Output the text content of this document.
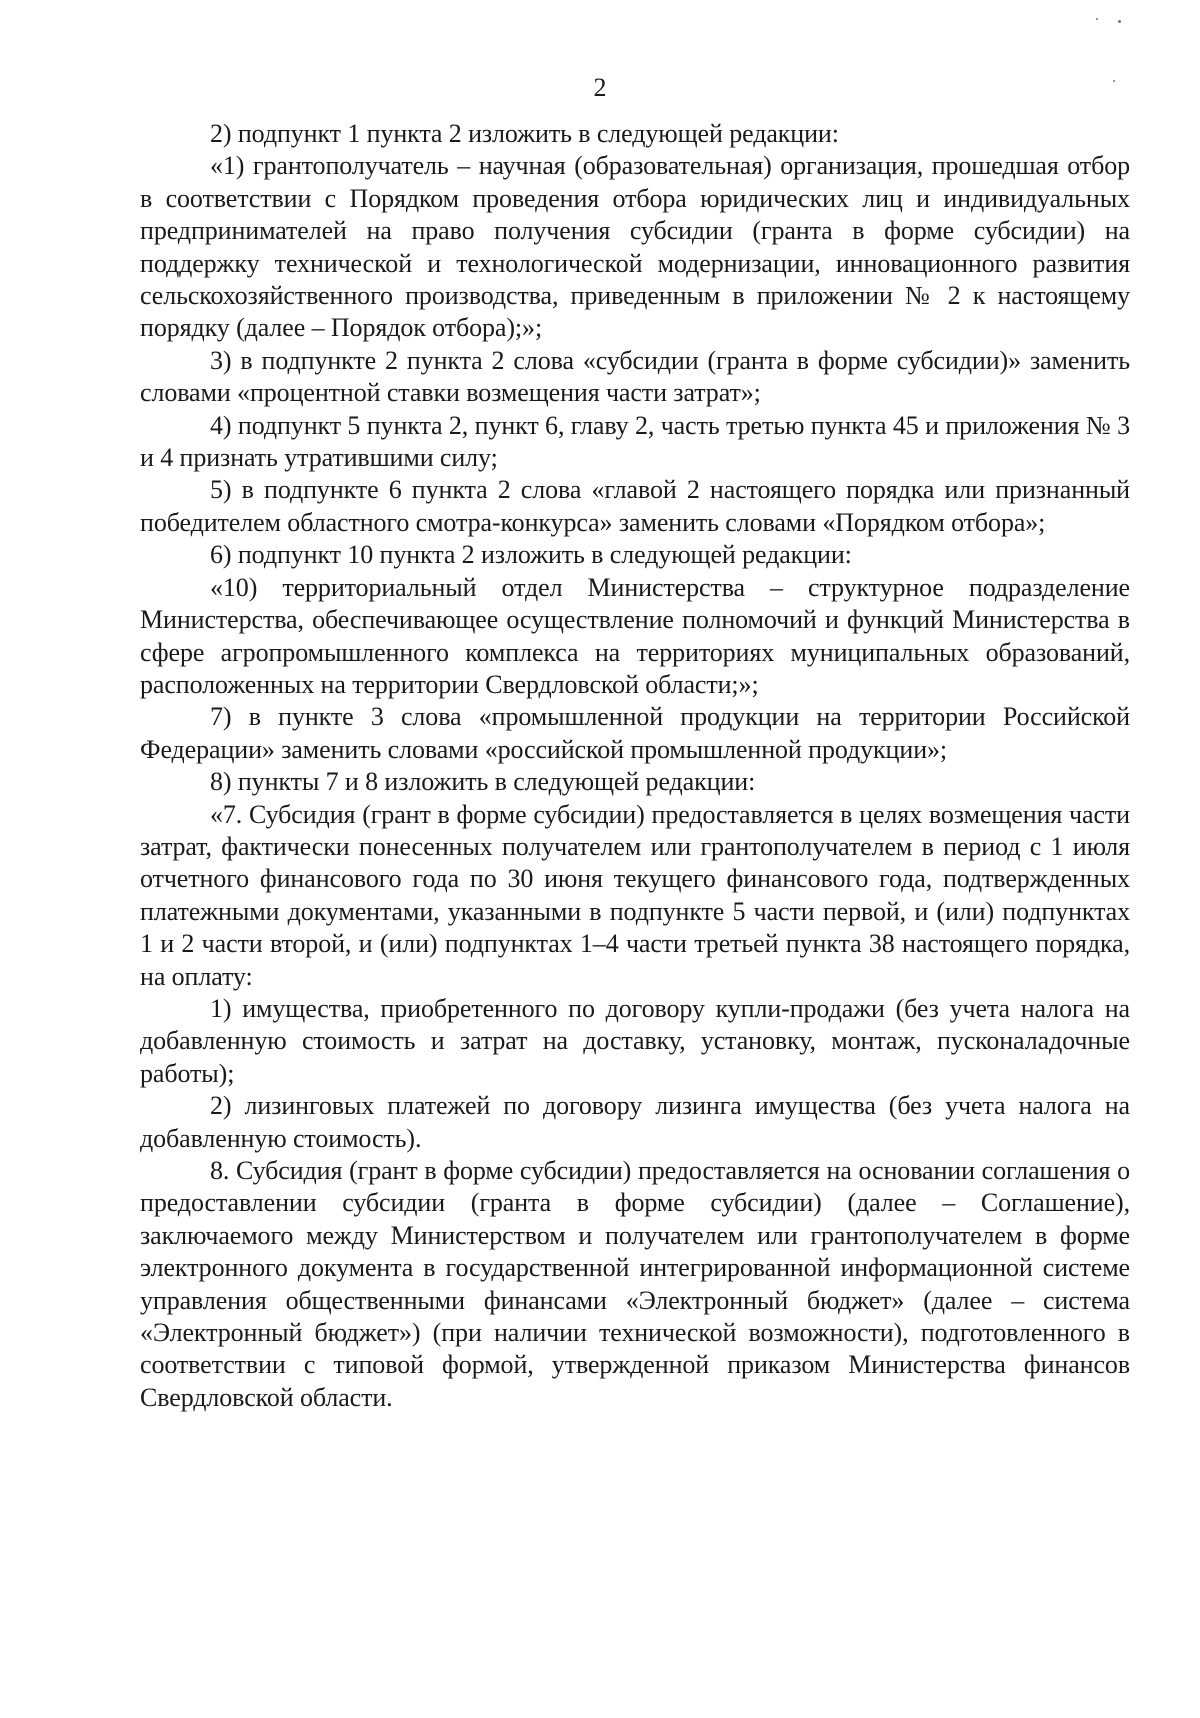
2

2) подпункт 1 пункта 2 изложить в следующей редакции:

«1) грантополучатель – научная (образовательная) организация, прошедшая отбор в соответствии с Порядком проведения отбора юридических лиц и индивидуальных предпринимателей на право получения субсидии (гранта в форме субсидии) на поддержку технической и технологической модернизации, инновационного развития сельскохозяйственного производства, приведенным в приложении № 2 к настоящему порядку (далее – Порядок отбора);»;

3) в подпункте 2 пункта 2 слова «субсидии (гранта в форме субсидии)» заменить словами «процентной ставки возмещения части затрат»;

4) подпункт 5 пункта 2, пункт 6, главу 2, часть третью пункта 45 и приложения № 3 и 4 признать утратившими силу;

5) в подпункте 6 пункта 2 слова «главой 2 настоящего порядка или признанный победителем областного смотра-конкурса» заменить словами «Порядком отбора»;

6) подпункт 10 пункта 2 изложить в следующей редакции:

«10) территориальный отдел Министерства – структурное подразделение Министерства, обеспечивающее осуществление полномочий и функций Министерства в сфере агропромышленного комплекса на территориях муниципальных образований, расположенных на территории Свердловской области;»;

7) в пункте 3 слова «промышленной продукции на территории Российской Федерации» заменить словами «российской промышленной продукции»;

8) пункты 7 и 8 изложить в следующей редакции:

«7. Субсидия (грант в форме субсидии) предоставляется в целях возмещения части затрат, фактически понесенных получателем или грантополучателем в период с 1 июля отчетного финансового года по 30 июня текущего финансового года, подтвержденных платежными документами, указанными в подпункте 5 части первой, и (или) подпунктах 1 и 2 части второй, и (или) подпунктах 1–4 части третьей пункта 38 настоящего порядка, на оплату:

1) имущества, приобретенного по договору купли-продажи (без учета налога на добавленную стоимость и затрат на доставку, установку, монтаж, пусконаладочные работы);

2) лизинговых платежей по договору лизинга имущества (без учета налога на добавленную стоимость).

8. Субсидия (грант в форме субсидии) предоставляется на основании соглашения о предоставлении субсидии (гранта в форме субсидии) (далее – Соглашение), заключаемого между Министерством и получателем или грантополучателем в форме электронного документа в государственной интегрированной информационной системе управления общественными финансами «Электронный бюджет» (далее – система «Электронный бюджет») (при наличии технической возможности), подготовленного в соответствии с типовой формой, утвержденной приказом Министерства финансов Свердловской области.
